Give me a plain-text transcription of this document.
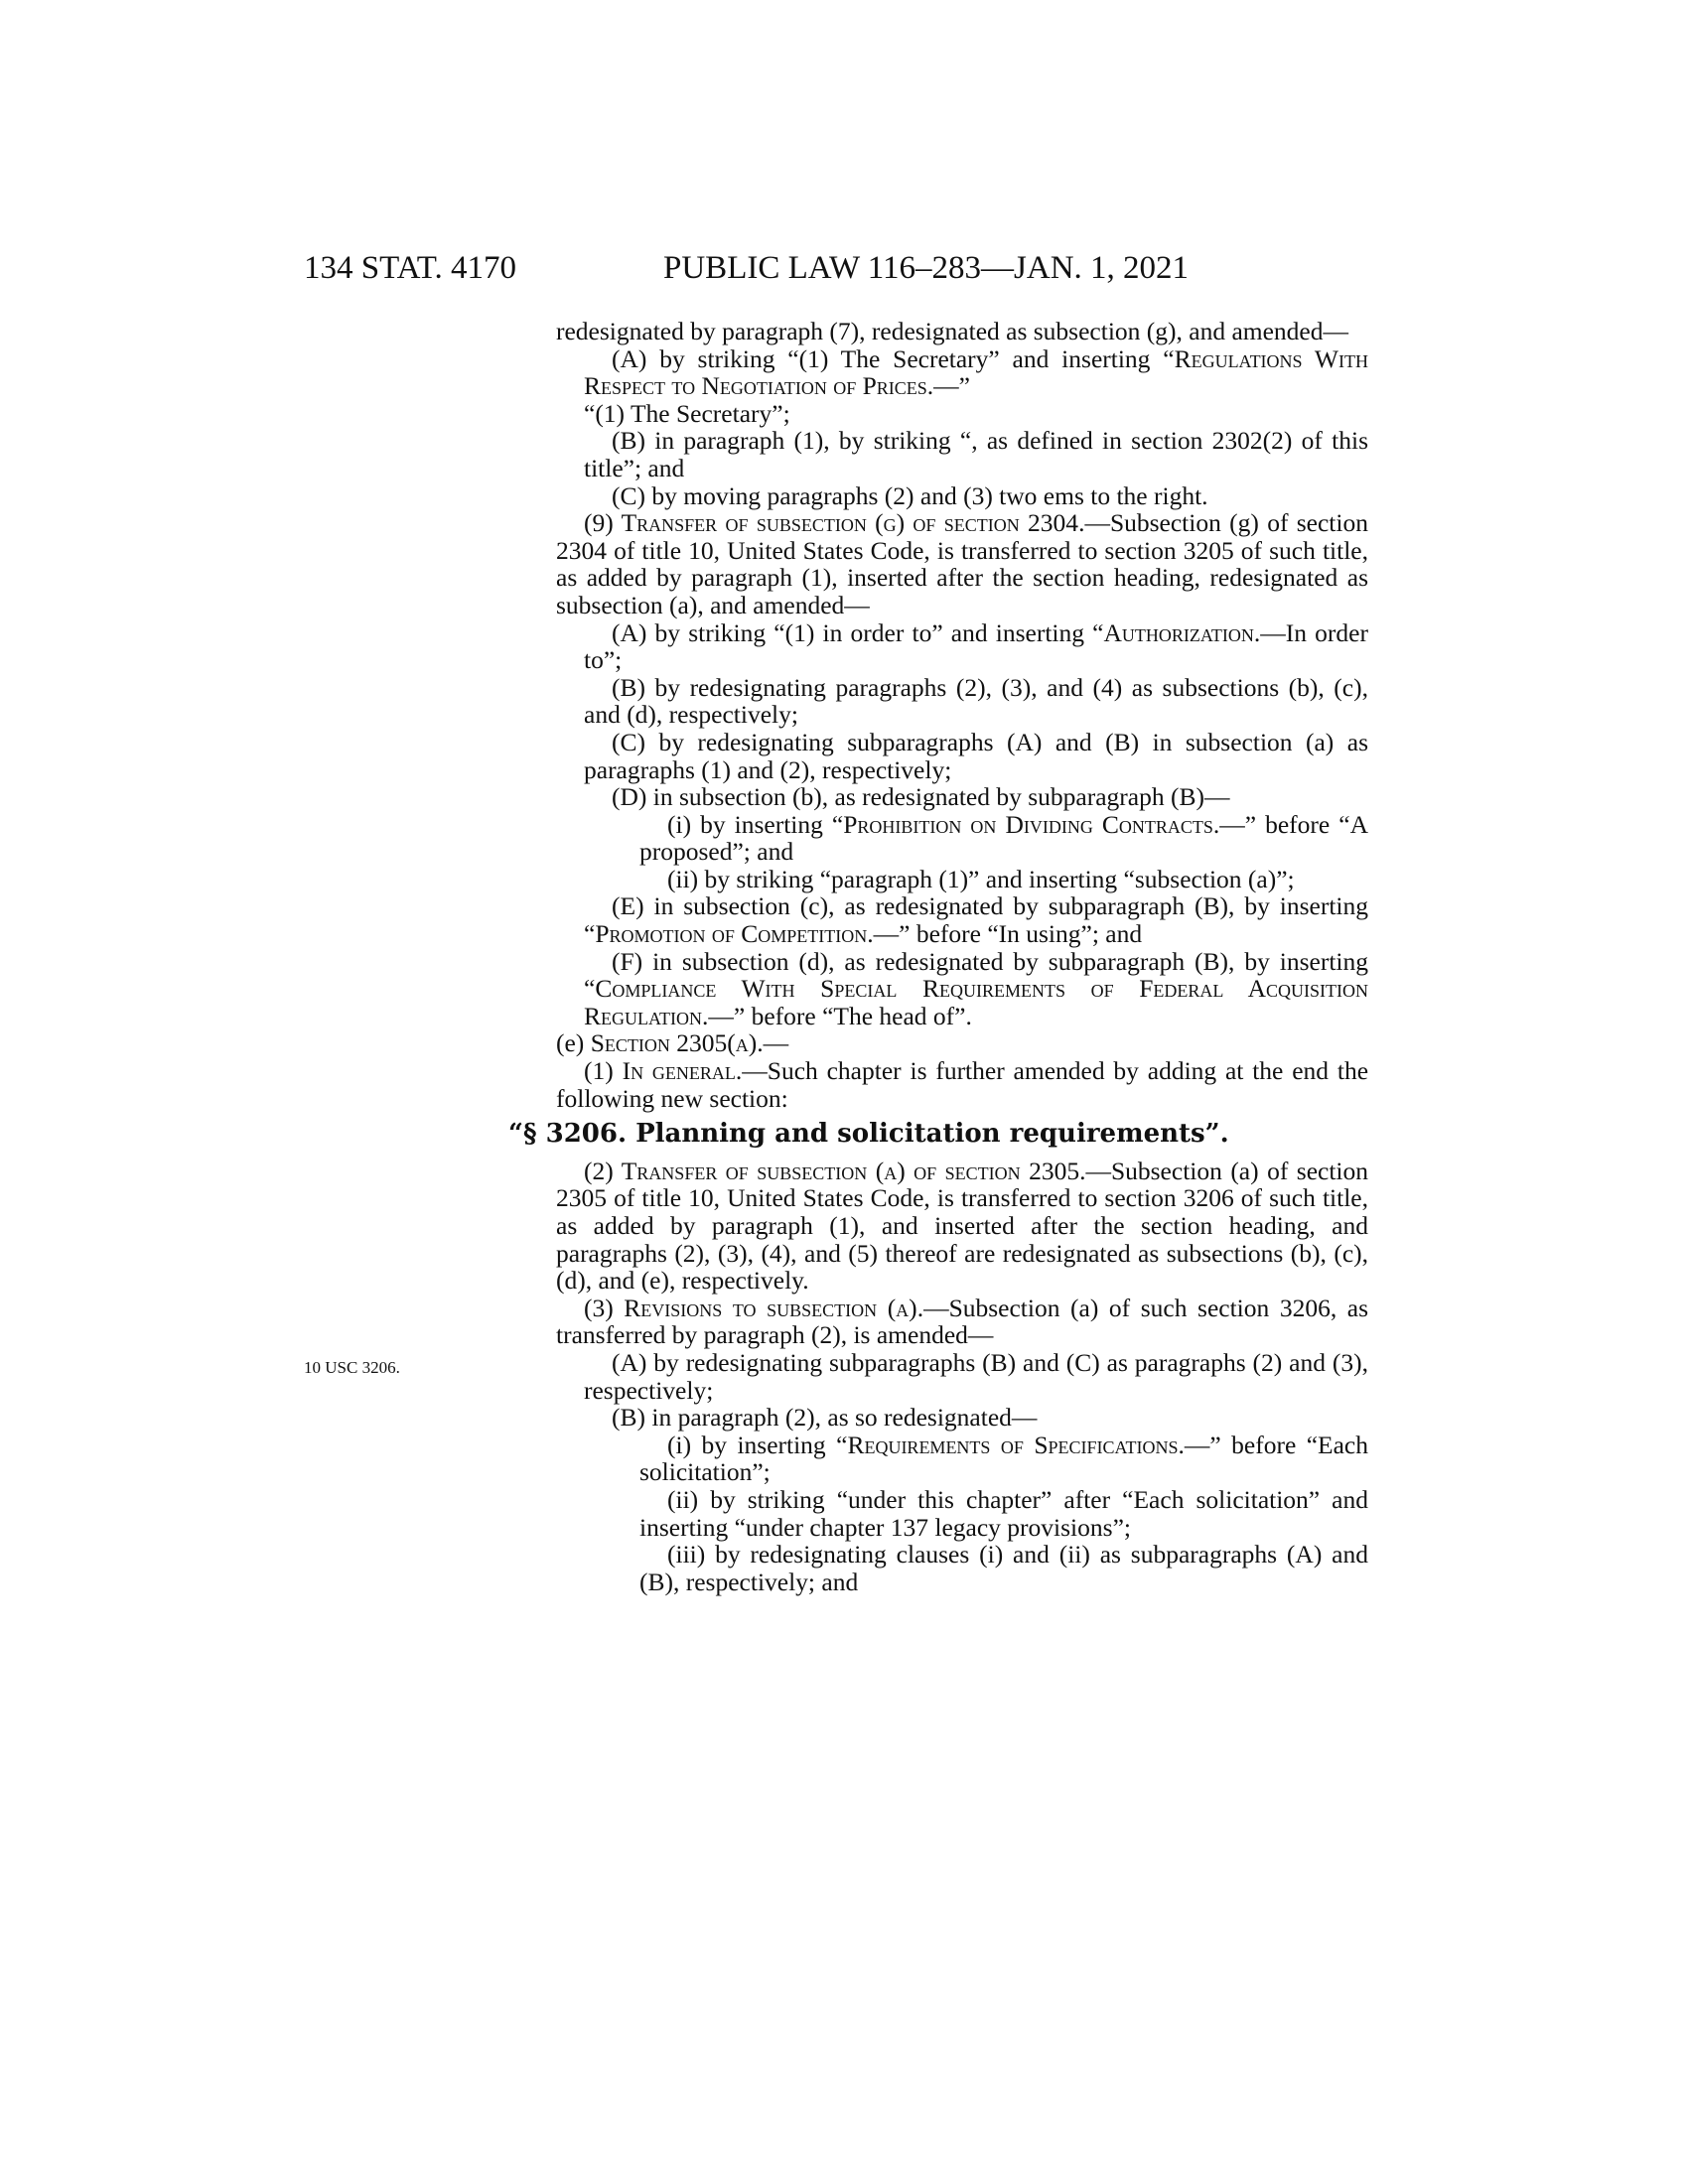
134 STAT. 4170	PUBLIC LAW 116–283—JAN. 1, 2021
10 USC 3206.

redesignated by paragraph (7), redesignated as subsection (g), and amended—

(A) by striking “(1) The Secretary” and inserting “Regulations With Respect to Negotiation of Prices.—”

“(1) The Secretary”;

(B) in paragraph (1), by striking “, as defined in section 2302(2) of this title”; and

(C) by moving paragraphs (2) and (3) two ems to the right.

(9) Transfer of subsection (g) of section 2304.—Subsection (g) of section 2304 of title 10, United States Code, is transferred to section 3205 of such title, as added by paragraph (1), inserted after the section heading, redesignated as subsection (a), and amended—

(A) by striking “(1) in order to” and inserting “Authorization.—In order to”;

(B) by redesignating paragraphs (2), (3), and (4) as subsections (b), (c), and (d), respectively;

(C) by redesignating subparagraphs (A) and (B) in subsection (a) as paragraphs (1) and (2), respectively;

(D) in subsection (b), as redesignated by subparagraph (B)—

(i) by inserting “Prohibition on Dividing Contracts.—” before “A proposed”; and

(ii) by striking “paragraph (1)” and inserting “subsection (a)”;

(E) in subsection (c), as redesignated by subparagraph (B), by inserting “Promotion of Competition.—” before “In using”; and

(F) in subsection (d), as redesignated by subparagraph (B), by inserting “Compliance With Special Requirements of Federal Acquisition Regulation.—” before “The head of”.

(e) Section 2305(a).—

(1) In general.—Such chapter is further amended by adding at the end the following new section:

“§ 3206. Planning and solicitation requirements”.

(2) Transfer of subsection (a) of section 2305.—Subsection (a) of section 2305 of title 10, United States Code, is transferred to section 3206 of such title, as added by paragraph (1), and inserted after the section heading, and paragraphs (2), (3), (4), and (5) thereof are redesignated as subsections (b), (c), (d), and (e), respectively.

(3) Revisions to subsection (a).—Subsection (a) of such section 3206, as transferred by paragraph (2), is amended—

(A) by redesignating subparagraphs (B) and (C) as paragraphs (2) and (3), respectively;

(B) in paragraph (2), as so redesignated—

(i) by inserting “Requirements of Specifications.—” before “Each solicitation”;

(ii) by striking “under this chapter” after “Each solicitation” and inserting “under chapter 137 legacy provisions”;

(iii) by redesignating clauses (i) and (ii) as subparagraphs (A) and (B), respectively; and
